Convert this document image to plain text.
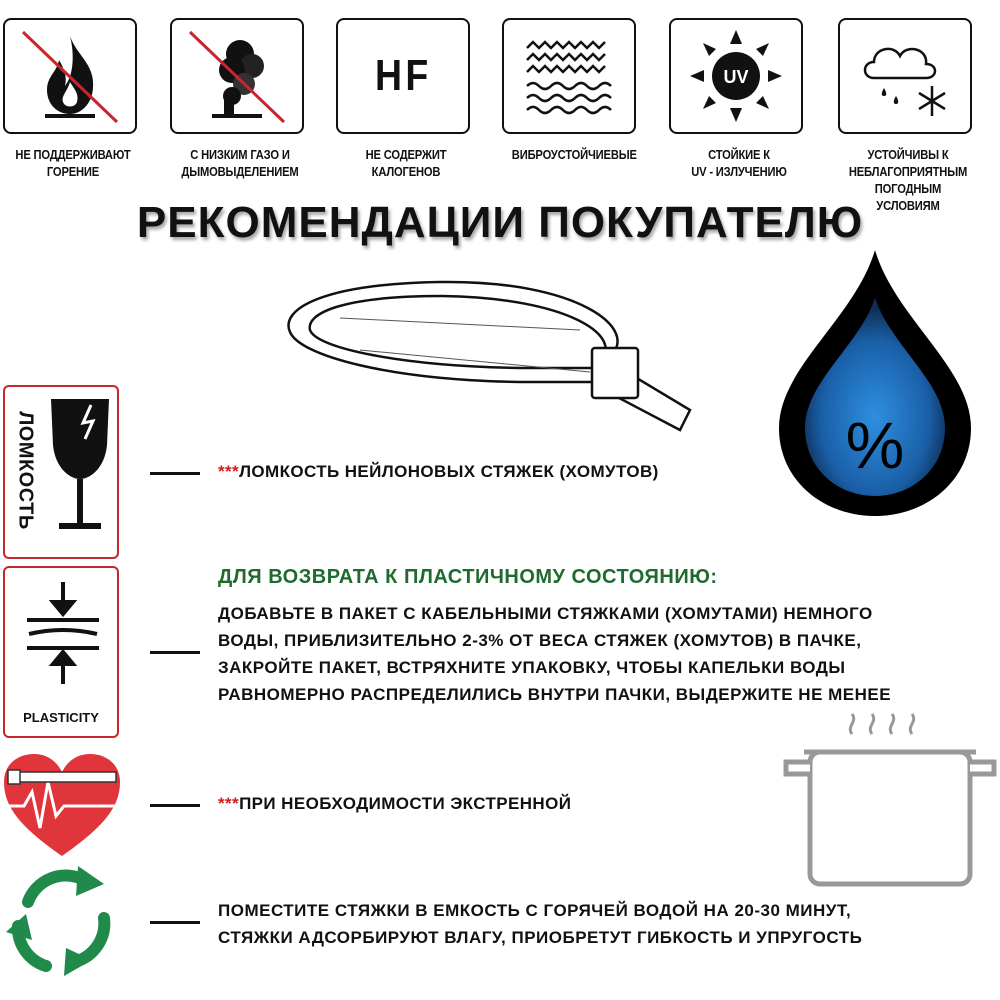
НЕ ПОДДЕРЖИВАЮТ
ГОРЕНИЕ
С НИЗКИМ ГАЗО И
ДЫМОВЫДЕЛЕНИЕМ
HF
НЕ СОДЕРЖИТ
КАЛОГЕНОВ
ВИБРОУСТОЙЧИЕВЫЕ
UV
СТОЙКИЕ К
UV - ИЗЛУЧЕНИЮ
УСТОЙЧИВЫ К
НЕБЛАГОПРИЯТНЫМ
ПОГОДНЫМ УСЛОВИЯМ
РЕКОМЕНДАЦИИ ПОКУПАТЕЛЮ
%
ЛОМКОСТЬ	***ЛОМКОСТЬ НЕЙЛОНОВЫХ СТЯЖЕК (ХОМУТОВ)
PLASTICITY
ДЛЯ ВОЗВРАТА К ПЛАСТИЧНОМУ СОСТОЯНИЮ:
ДОБАВЬТЕ В ПАКЕТ С КАБЕЛЬНЫМИ СТЯЖКАМИ (ХОМУТАМИ) НЕМНОГО
ВОДЫ, ПРИБЛИЗИТЕЛЬНО 2-3% ОТ ВЕСА СТЯЖЕК (ХОМУТОВ) В ПАЧКЕ,
ЗАКРОЙТЕ ПАКЕТ, ВСТРЯХНИТЕ УПАКОВКУ, ЧТОБЫ КАПЕЛЬКИ ВОДЫ
РАВНОМЕРНО РАСПРЕДЕЛИЛИСЬ ВНУТРИ ПАЧКИ, ВЫДЕРЖИТЕ НЕ МЕНЕЕ
***ПРИ НЕОБХОДИМОСТИ ЭКСТРЕННОЙ
ПОМЕСТИТЕ СТЯЖКИ В ЕМКОСТЬ С ГОРЯЧЕЙ ВОДОЙ НА 20-30 МИНУТ,
СТЯЖКИ АДСОРБИРУЮТ ВЛАГУ, ПРИОБРЕТУТ ГИБКОСТЬ И УПРУГОСТЬ
